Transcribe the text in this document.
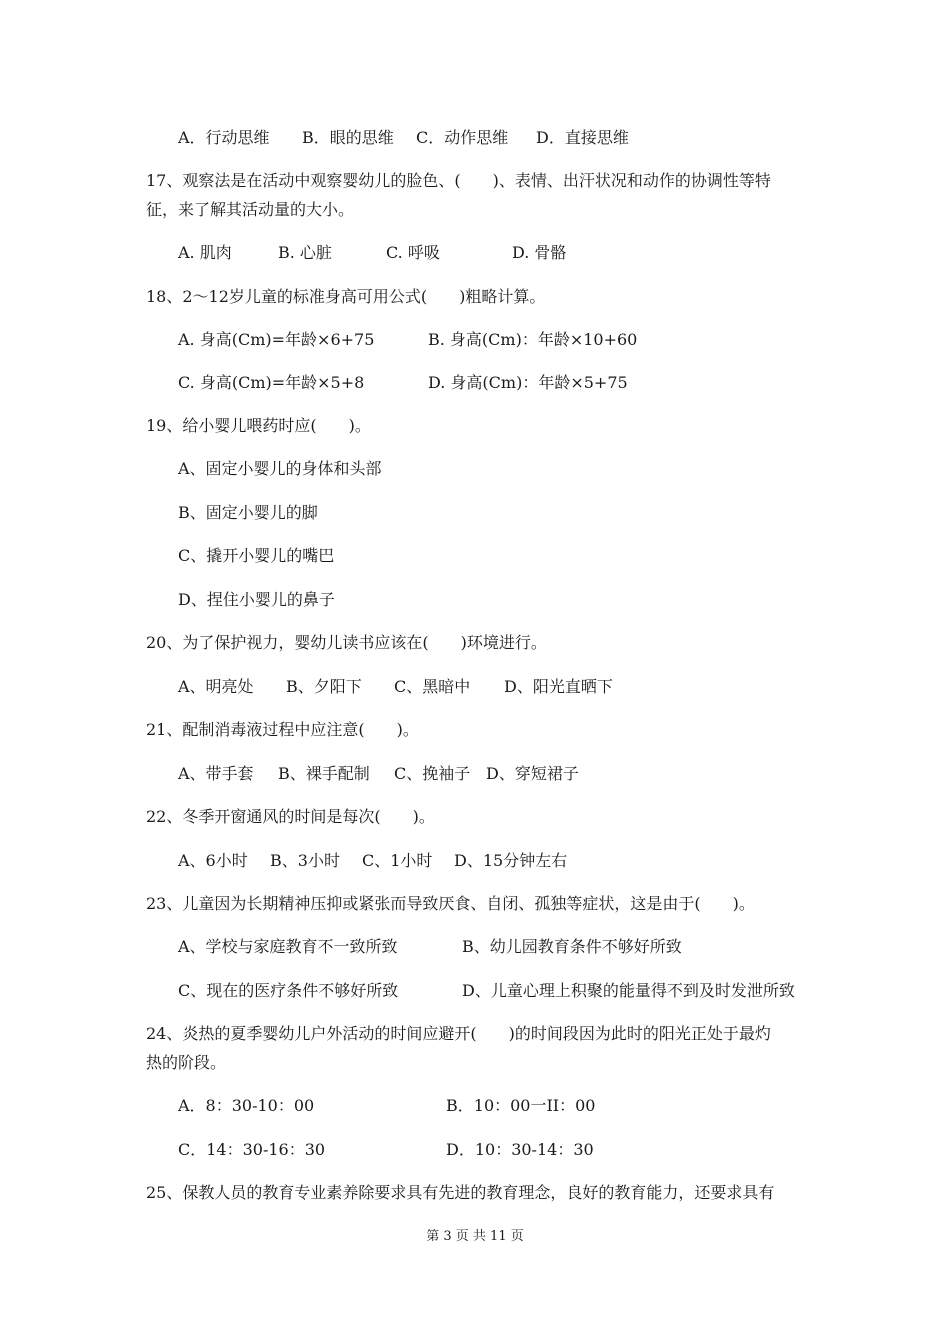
A．行动思维 B．眼的思维 C．动作思维 D．直接思维
17、观察法是在活动中观察婴幼儿的脸色、(　　)、表情、出汗状况和动作的协调性等特
征，来了解其活动量的大小。
A. 肌肉	B. 心脏	C. 呼吸	D. 骨骼
18、2～12岁儿童的标准身高可用公式(　　)粗略计算。
A. 身高(Cm)=年龄×6+75	B. 身高(Cm)：年龄×10+60
C. 身高(Cm)=年龄×5+8	D. 身高(Cm)：年龄×5+75
19、给小婴儿喂药时应(　　)。
A、固定小婴儿的身体和头部
B、固定小婴儿的脚
C、撬开小婴儿的嘴巴
D、捏住小婴儿的鼻子
20、为了保护视力，婴幼儿读书应该在(　　)环境进行。
A、明亮处 B、夕阳下 C、黑暗中 D、阳光直晒下
21、配制消毒液过程中应注意(　　)。
A、带手套 B、裸手配制 C、挽袖子 D、穿短裙子
22、冬季开窗通风的时间是每次(　　)。
A、6小时 B、3小时 C、1小时 D、15分钟左右
23、儿童因为长期精神压抑或紧张而导致厌食、自闭、孤独等症状，这是由于(　　)。
A、学校与家庭教育不一致所致	B、幼儿园教育条件不够好所致
C、现在的医疗条件不够好所致	D、儿童心理上积聚的能量得不到及时发泄所致
24、炎热的夏季婴幼儿户外活动的时间应避开(　　)的时间段因为此时的阳光正处于最灼
热的阶段。
A．8：30-10：00	B．10：00一II：00
C．14：30-16：30	D．10：30-14：30
25、保教人员的教育专业素养除要求具有先进的教育理念，良好的教育能力，还要求具有
第 3 页 共 11 页
